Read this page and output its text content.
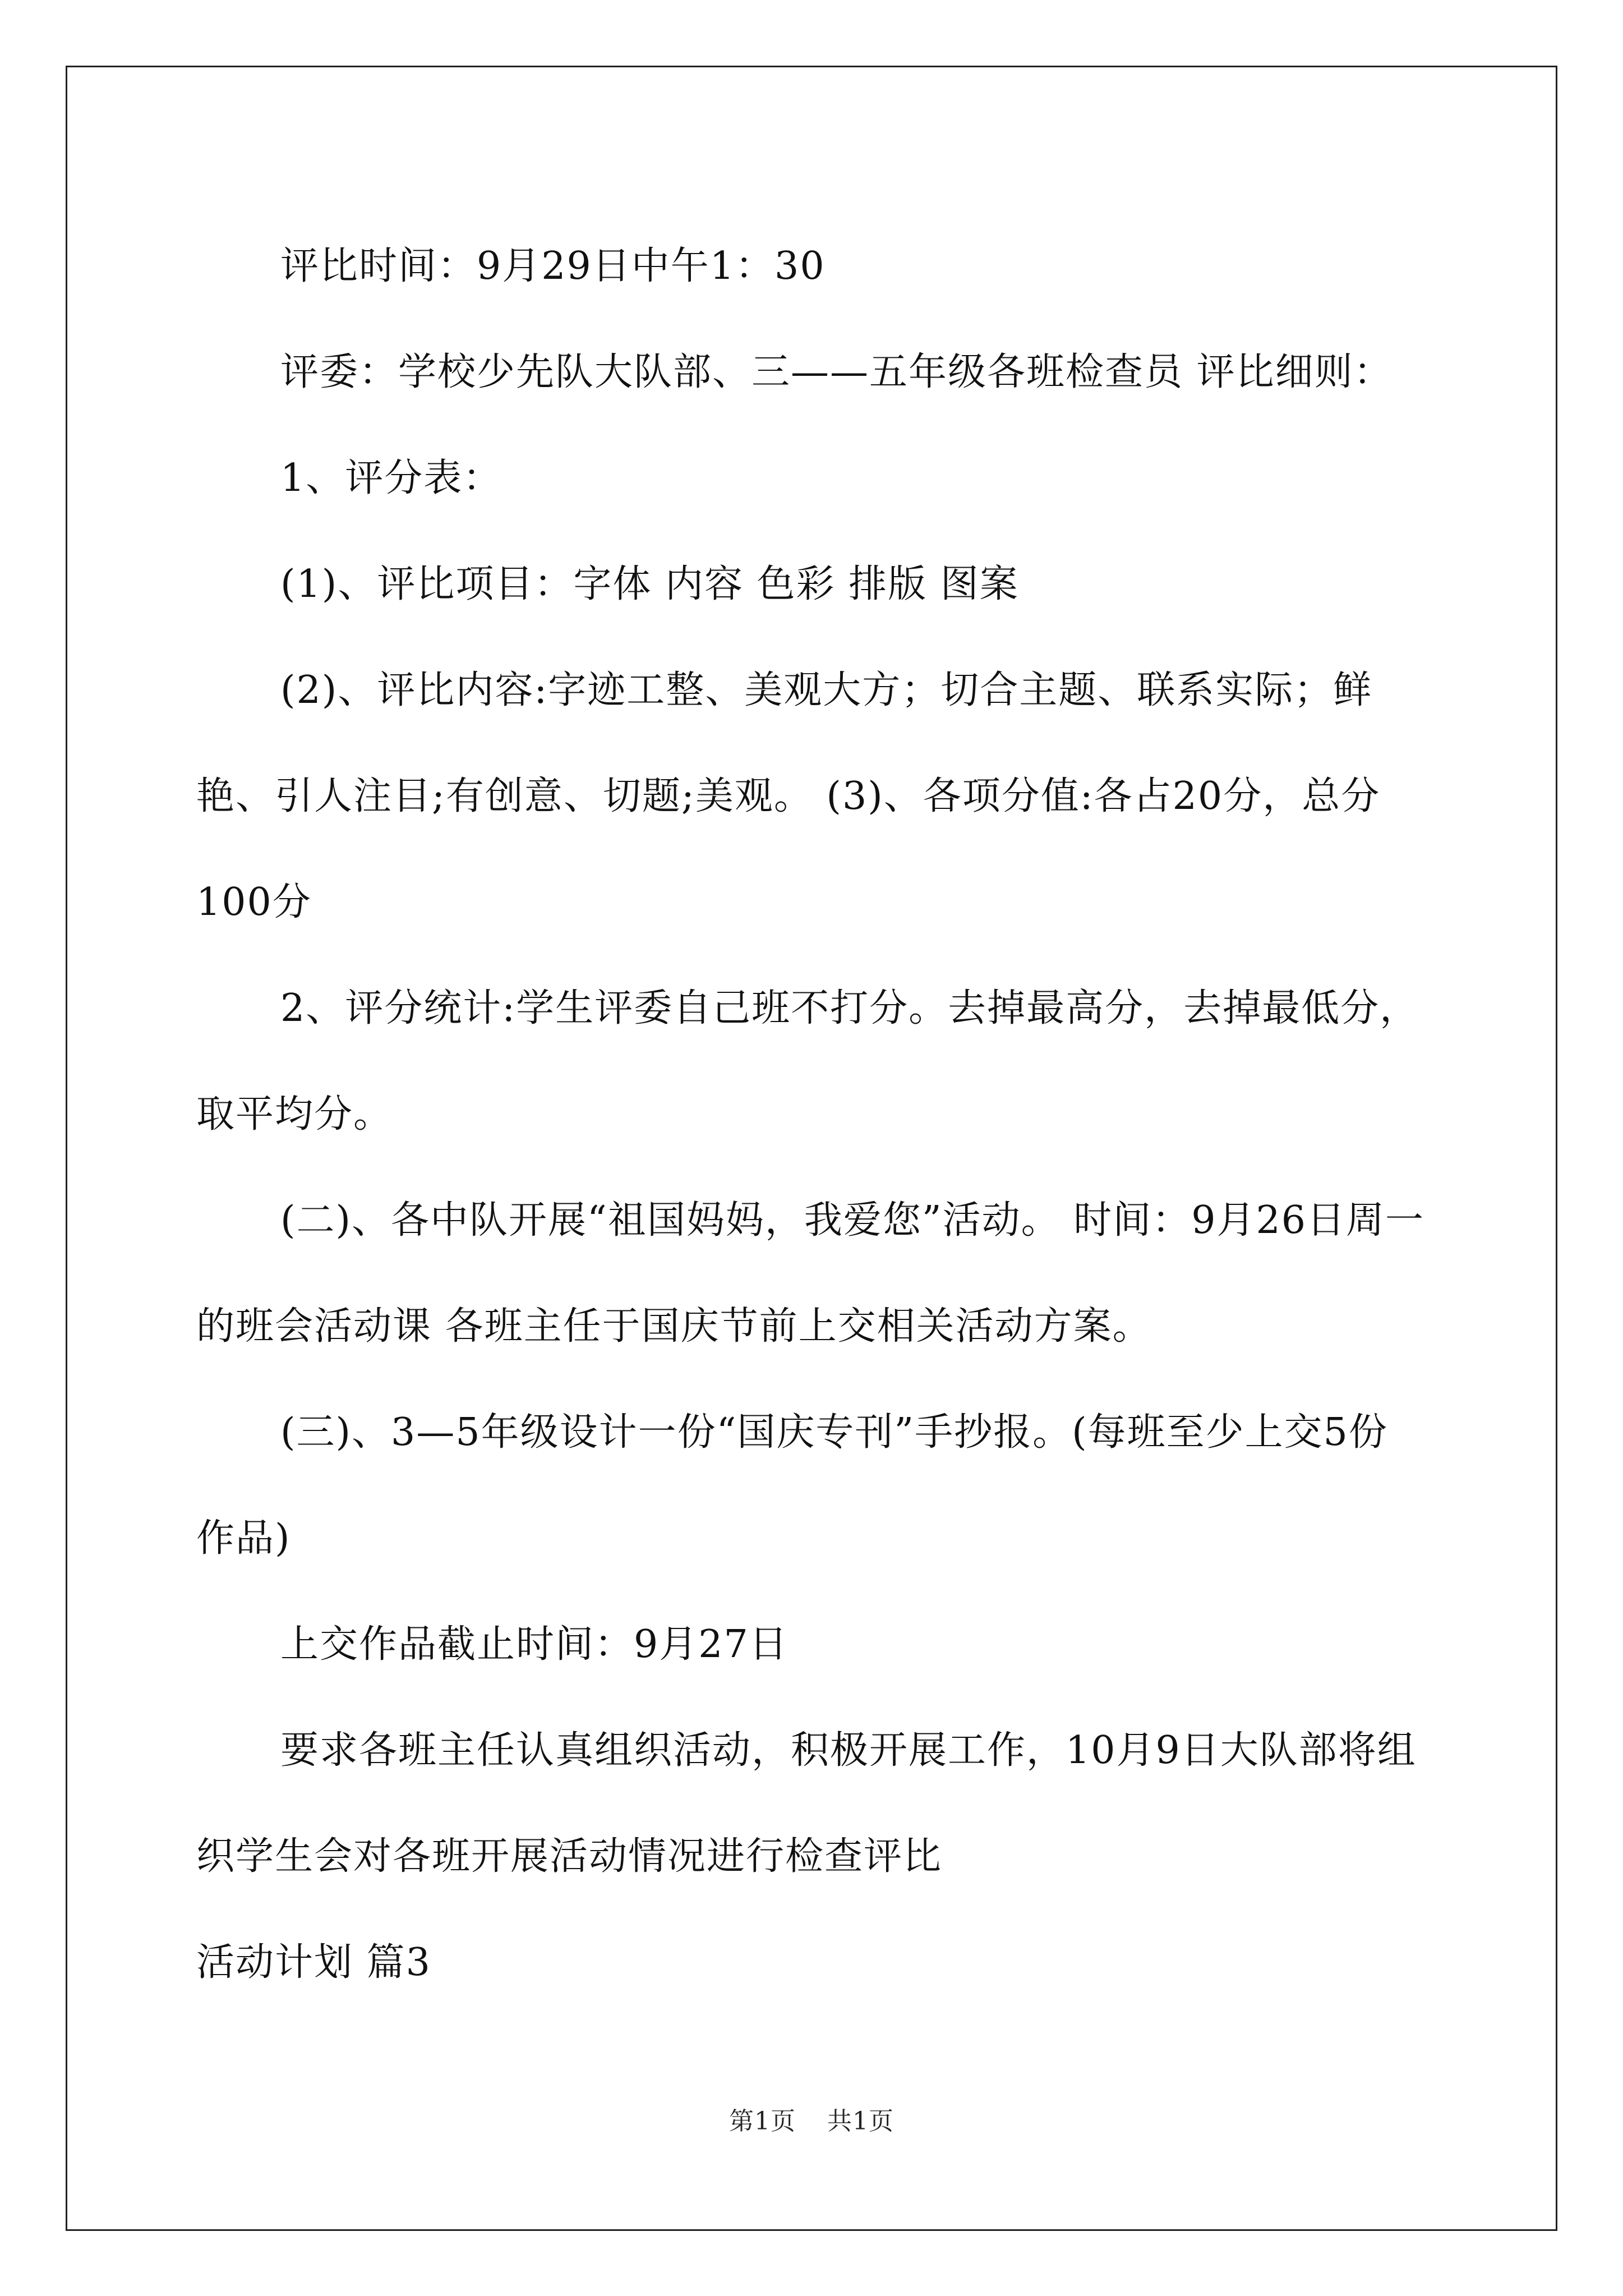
评比时间：9月29日中午1：30

评委：学校少先队大队部、三——五年级各班检查员 评比细则：

1、评分表：

(1)、评比项目：字体 内容 色彩 排版 图案

(2)、评比内容:字迹工整、美观大方；切合主题、联系实际；鲜艳、引人注目;有创意、切题;美观。 (3)、各项分值:各占20分，总分100分

2、评分统计:学生评委自己班不打分。去掉最高分，去掉最低分，取平均分。

(二)、各中队开展“祖国妈妈，我爱您”活动。 时间：9月26日周一的班会活动课 各班主任于国庆节前上交相关活动方案。

(三)、3—5年级设计一份“国庆专刊”手抄报。(每班至少上交5份作品)

上交作品截止时间：9月27日

要求各班主任认真组织活动，积极开展工作，10月9日大队部将组织学生会对各班开展活动情况进行检查评比

活动计划 篇3

第1页 共1页
